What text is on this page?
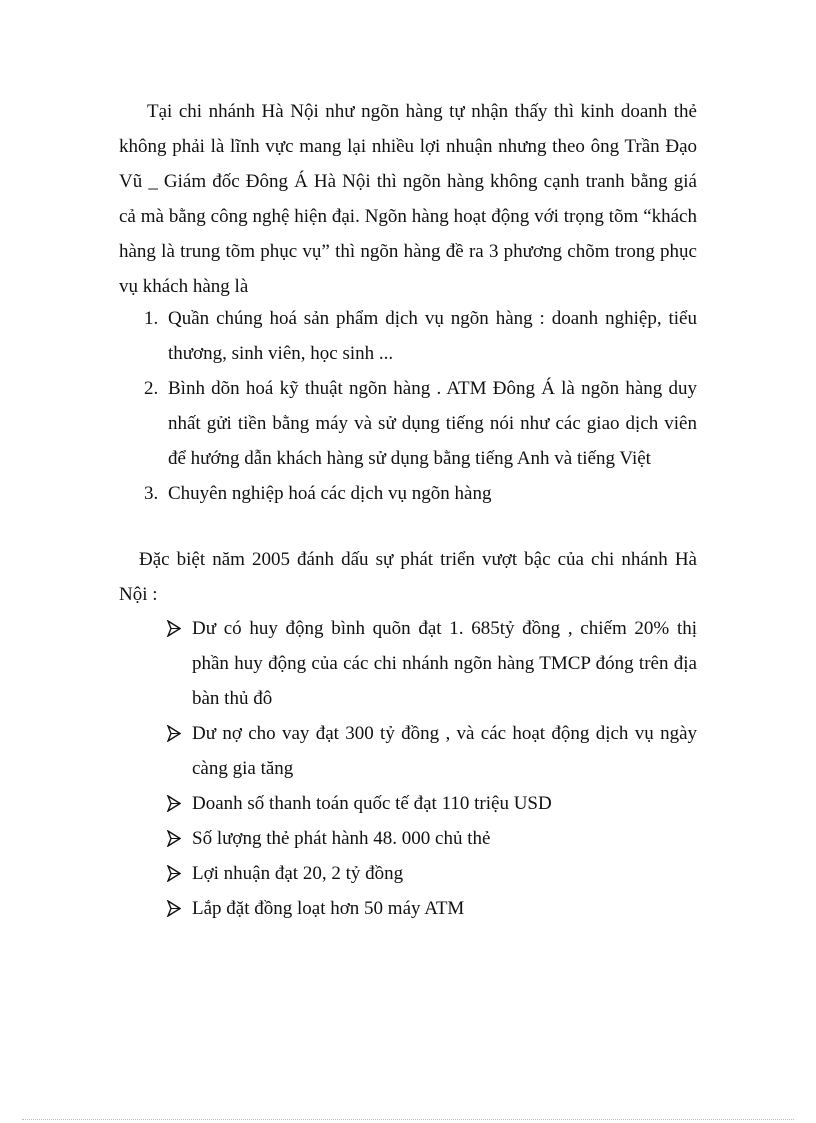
Tại chi nhánh Hà Nội như ngõn hàng tự nhận thấy thì kinh doanh thẻ không phải là lĩnh vực mang lại nhiều lợi nhuận nhưng theo ông Trần Đạo Vũ _ Giám đốc Đông Á Hà Nội thì ngõn hàng không cạnh tranh bằng giá cả mà bằng công nghệ hiện đại. Ngõn hàng hoạt động với trọng tõm “khách hàng là trung tõm phục vụ” thì ngõn hàng đề ra 3 phương chõm trong phục vụ khách hàng là

1. Quần chúng hoá sản phẩm dịch vụ ngõn hàng : doanh nghiệp, tiểu thương, sinh viên, học sinh ...
2. Bình dõn hoá kỹ thuật ngõn hàng . ATM Đông Á là ngõn hàng duy nhất gửi tiền bằng máy và sử dụng tiếng nói như các giao dịch viên để hướng dẫn khách hàng sử dụng bằng tiếng Anh và tiếng Việt
3. Chuyên nghiệp hoá các dịch vụ ngõn hàng

Đặc biệt năm 2005 đánh dấu sự phát triển vượt bậc của chi nhánh Hà Nội :

Dư có huy động bình quõn đạt 1. 685tỷ đồng , chiếm 20% thị phần huy động của các chi nhánh ngõn hàng TMCP đóng trên địa bàn thủ đô
Dư nợ cho vay đạt 300 tỷ đồng , và các hoạt động dịch vụ ngày càng gia tăng
Doanh số thanh toán quốc tế đạt 110 triệu USD
Số lượng thẻ phát hành 48. 000 chủ thẻ
Lợi nhuận đạt 20, 2 tỷ đồng
Lắp đặt đồng loạt hơn 50 máy ATM
